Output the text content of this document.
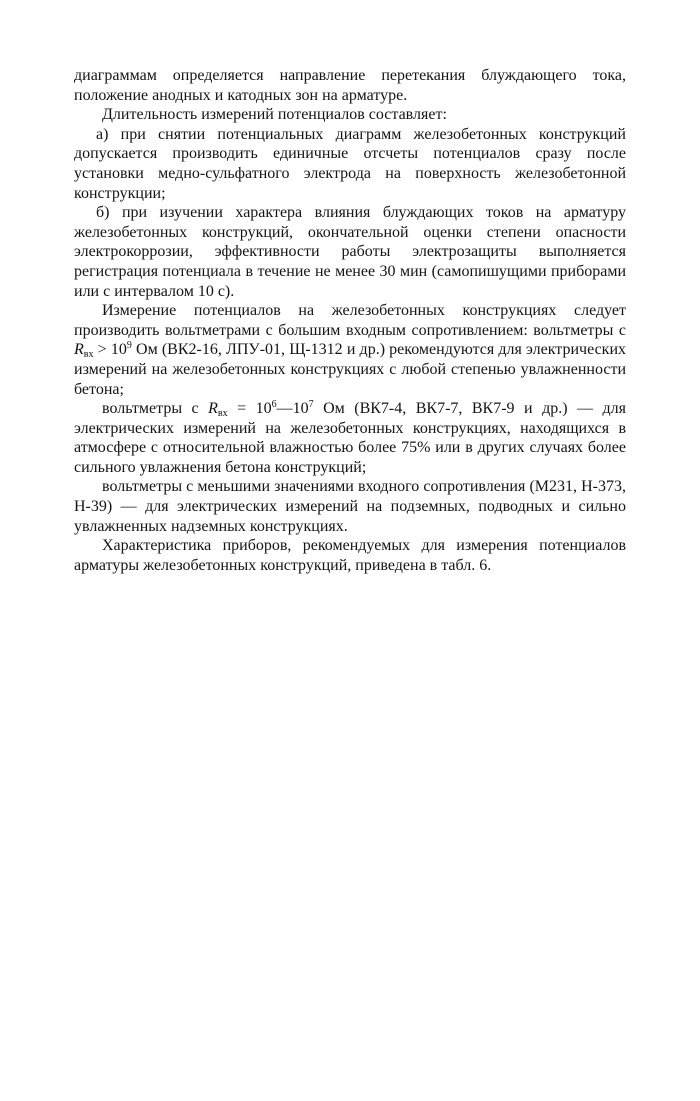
диаграммам определяется направление перетекания блуждающего тока, положение анодных и катодных зон на арматуре.

Длительность измерений потенциалов составляет:

а) при снятии потенциальных диаграмм железобетонных конструкций допускается производить единичные отсчеты потенциалов сразу после установки медно-сульфатного электрода на поверхность железобетонной конструкции;

б) при изучении характера влияния блуждающих токов на арматуру железобетонных конструкций, окончательной оценки степени опасности электрокоррозии, эффективности работы электрозащиты выполняется регистрация потенциала в течение не менее 30 мин (самопишущими приборами или с интервалом 10 с).

Измерение потенциалов на железобетонных конструкциях следует производить вольтметрами с большим входным сопротивлением: вольтметры с Rвх > $10^9$ Ом (ВК2-16, ЛПУ-01, Щ-1312 и др.) рекомендуются для электрических измерений на железобетонных конструкциях с любой степенью увлажненности бетона;

вольтметры с Rвх = $10^6—10^7$ Ом (ВК7-4, ВК7-7, ВК7-9 и др.) — для электрических измерений на железобетонных конструкциях, находящихся в атмосфере с относительной влажностью более 75% или в других случаях более сильного увлажнения бетона конструкций;

вольтметры с меньшими значениями входного сопротивления (М231, Н-373, Н-39) — для электрических измерений на подземных, подводных и сильно увлажненных надземных конструкциях.

Характеристика приборов, рекомендуемых для измерения потенциалов арматуры железобетонных конструкций, приведена в табл. 6.
